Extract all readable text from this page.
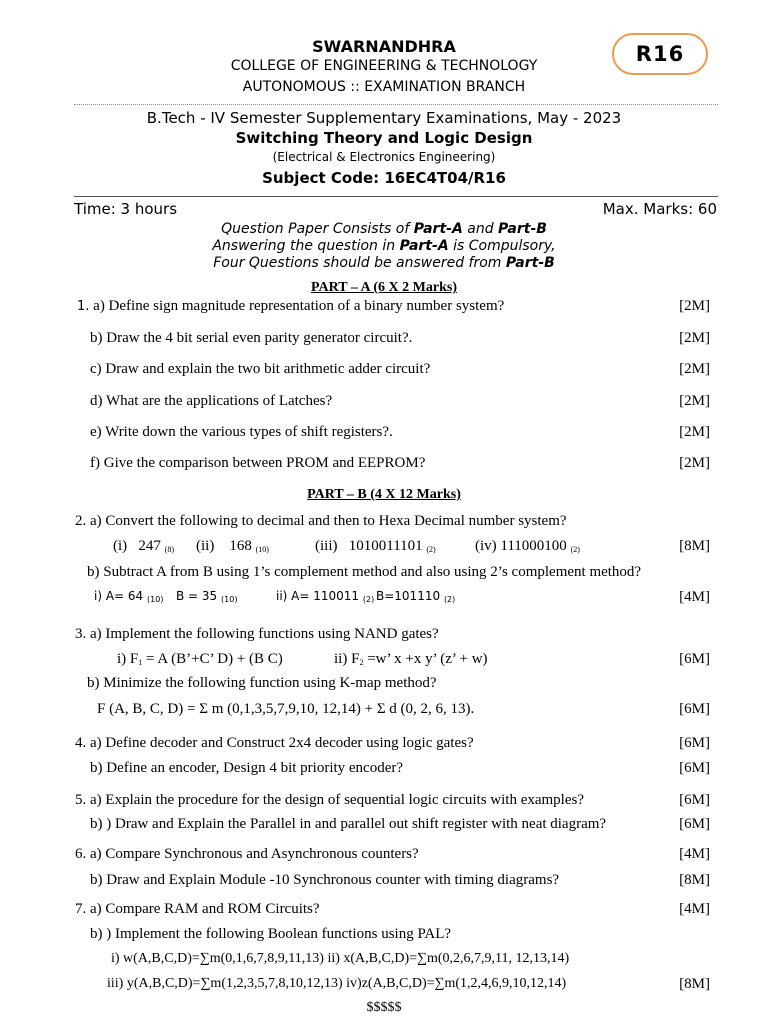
SWARNANDHRA
COLLEGE OF ENGINEERING & TECHNOLOGY
AUTONOMOUS :: EXAMINATION BRANCH
R16
B.Tech - IV Semester Supplementary Examinations, May - 2023
Switching Theory and Logic Design
(Electrical & Electronics Engineering)
Subject Code: 16EC4T04/R16
Time: 3 hours	Max. Marks: 60
Question Paper Consists of Part-A and Part-B
Answering the question in Part-A is Compulsory,
Four Questions should be answered from Part-B
PART – A (6 X 2 Marks)
1. a) Define sign magnitude representation of a binary number system?	[2M]
b) Draw the 4 bit serial even parity generator circuit?.	[2M]
c) Draw and explain the two bit arithmetic adder circuit?	[2M]
d) What are the applications of Latches?	[2M]
e) Write down the various types of shift registers?.	[2M]
f) Give the comparison between PROM and EEPROM?	[2M]
PART – B (4 X 12 Marks)
2. a) Convert the following to decimal and then to Hexa Decimal number system?
(i) 247 $_{(8)}$ (ii) 168 $_{(10)}$	(iii) 1010011101 $_{(2)}$	(iv) 111000100 $_{(2)}$	[8M]
b) Subtract A from B using 1’s complement method and also using 2’s complement method?
i) A= 64 $_{(10)}$ B = 35 $_{(10)}$	ii) A= 110011 $_{(2)}$ B=101110 $_{(2)}$	[4M]
3. a) Implement the following functions using NAND gates?
i) $F_1 = A$ (B’+C’ D) + (B C)	ii) $F_2 =w$’ x +x y’ (z’ + w)	[6M]
b) Minimize the following function using K-map method?
F (A, B, C, D) = Σ m (0,1,3,5,7,9,10, 12,14) + Σ d (0, 2, 6, 13).	[6M]
4. a) Define decoder and Construct 2x4 decoder using logic gates?	[6M]
b) Define an encoder, Design 4 bit priority encoder?	[6M]
5. a) Explain the procedure for the design of sequential logic circuits with examples?	[6M]
b) ) Draw and Explain the Parallel in and parallel out shift register with neat diagram?	[6M]
6. a) Compare Synchronous and Asynchronous counters?	[4M]
b) Draw and Explain Module -10 Synchronous counter with timing diagrams?	[8M]
7. a) Compare RAM and ROM Circuits?	[4M]
b) ) Implement the following Boolean functions using PAL?
i) w(A,B,C,D)=∑m(0,1,6,7,8,9,11,13) ii) x(A,B,C,D)=∑m(0,2,6,7,9,11, 12,13,14)
iii) y(A,B,C,D)=∑m(1,2,3,5,7,8,10,12,13) iv)z(A,B,C,D)=∑m(1,2,4,6,9,10,12,14)	[8M]
$$$$$
